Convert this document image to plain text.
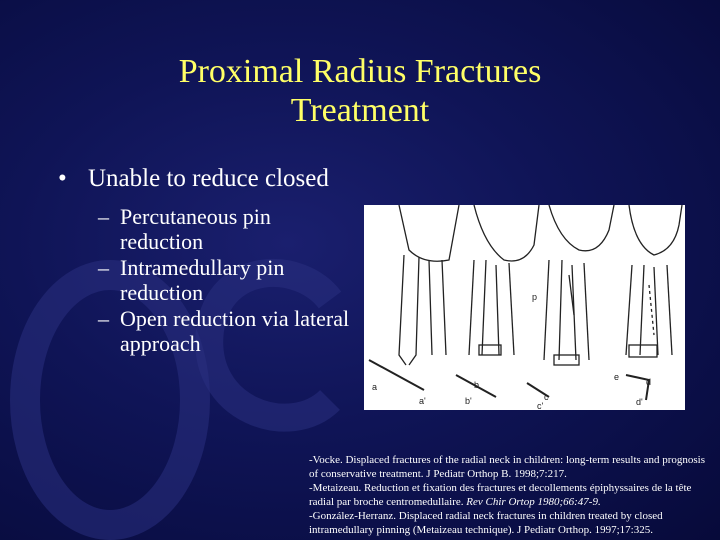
Proximal Radius Fractures
Treatment
• Unable to reduce closed
– Percutaneous pin reduction
– Intramedullary pin reduction
– Open reduction via lateral approach
p
a
a'
b
b'	c
c'
d
d'
e
-Vocke. Displaced fractures of the radial neck in children: long-term results and prognosis of conservative treatment. J Pediatr Orthop B. 1998;7:217.
-Metaizeau. Reduction et fixation des fractures et decollements épiphyssaires de la tête radial par broche centromedullaire. Rev Chir Ortop 1980;66:47-9.
-González-Herranz. Displaced radial neck fractures in children treated by closed intramedullary pinning (Metaizeau technique). J Pediatr Orthop. 1997;17:325.
